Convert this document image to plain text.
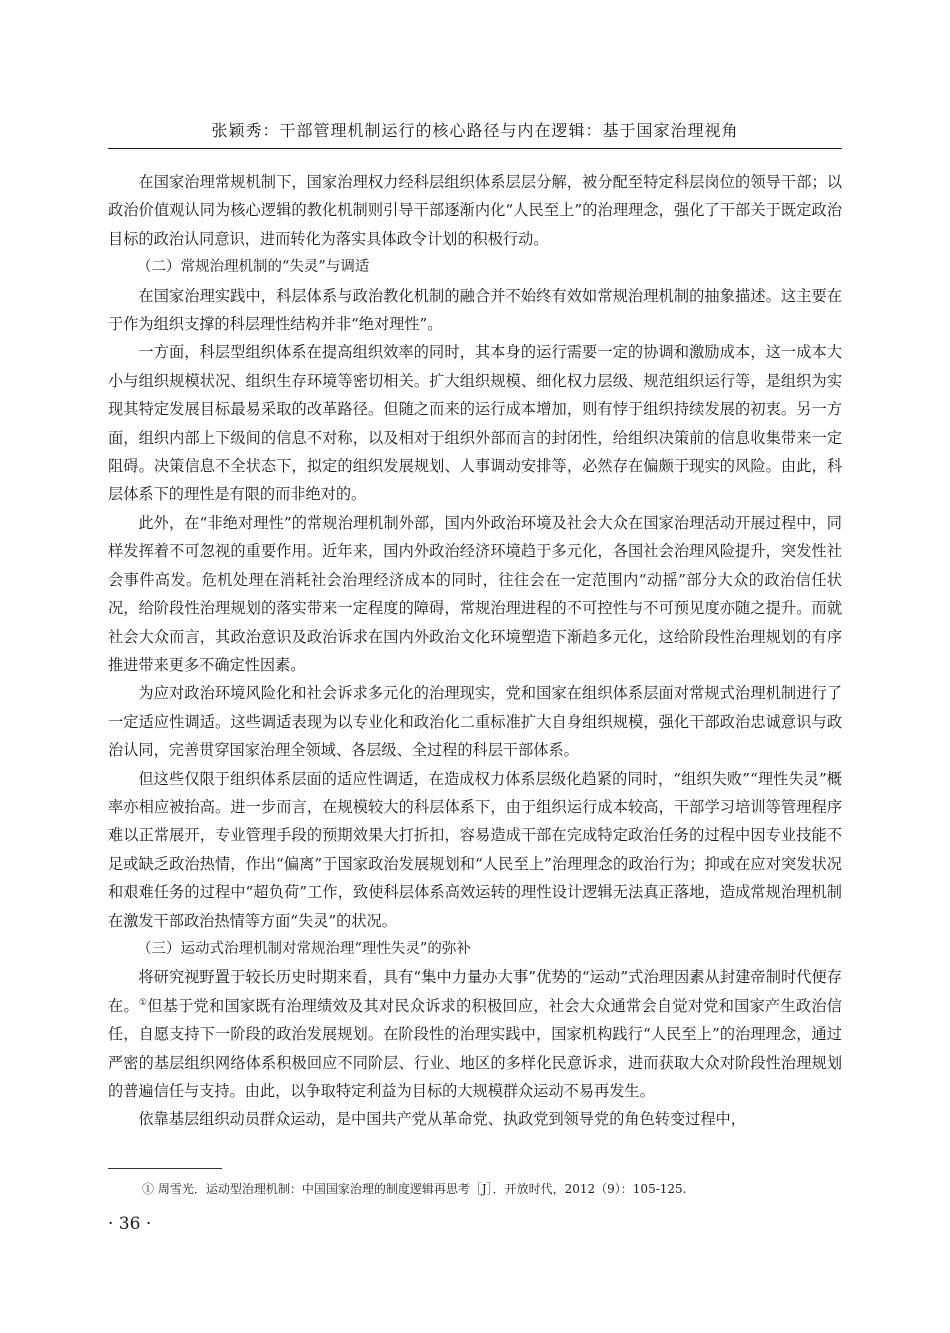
张颖秀：干部管理机制运行的核心路径与内在逻辑：基于国家治理视角

在国家治理常规机制下，国家治理权力经科层组织体系层层分解，被分配至特定科层岗位的领导干部；以政治价值观认同为核心逻辑的教化机制则引导干部逐渐内化“人民至上”的治理理念，强化了干部关于既定政治目标的政治认同意识，进而转化为落实具体政令计划的积极行动。

（二）常规治理机制的“失灵”与调适

在国家治理实践中，科层体系与政治教化机制的融合并不始终有效如常规治理机制的抽象描述。这主要在于作为组织支撑的科层理性结构并非“绝对理性”。

一方面，科层型组织体系在提高组织效率的同时，其本身的运行需要一定的协调和激励成本，这一成本大小与组织规模状况、组织生存环境等密切相关。扩大组织规模、细化权力层级、规范组织运行等，是组织为实现其特定发展目标最易采取的改革路径。但随之而来的运行成本增加，则有悖于组织持续发展的初衷。另一方面，组织内部上下级间的信息不对称，以及相对于组织外部而言的封闭性，给组织决策前的信息收集带来一定阻碍。决策信息不全状态下，拟定的组织发展规划、人事调动安排等，必然存在偏颇于现实的风险。由此，科层体系下的理性是有限的而非绝对的。

此外，在“非绝对理性”的常规治理机制外部，国内外政治环境及社会大众在国家治理活动开展过程中，同样发挥着不可忽视的重要作用。近年来，国内外政治经济环境趋于多元化，各国社会治理风险提升，突发性社会事件高发。危机处理在消耗社会治理经济成本的同时，往往会在一定范围内“动摇”部分大众的政治信任状况，给阶段性治理规划的落实带来一定程度的障碍，常规治理进程的不可控性与不可预见度亦随之提升。而就社会大众而言，其政治意识及政治诉求在国内外政治文化环境塑造下渐趋多元化，这给阶段性治理规划的有序推进带来更多不确定性因素。

为应对政治环境风险化和社会诉求多元化的治理现实，党和国家在组织体系层面对常规式治理机制进行了一定适应性调适。这些调适表现为以专业化和政治化二重标准扩大自身组织规模，强化干部政治忠诚意识与政治认同，完善贯穿国家治理全领域、各层级、全过程的科层干部体系。

但这些仅限于组织体系层面的适应性调适，在造成权力体系层级化趋紧的同时，“组织失败”“理性失灵”概率亦相应被抬高。进一步而言，在规模较大的科层体系下，由于组织运行成本较高，干部学习培训等管理程序难以正常展开，专业管理手段的预期效果大打折扣，容易造成干部在完成特定政治任务的过程中因专业技能不足或缺乏政治热情，作出“偏离”于国家政治发展规划和“人民至上”治理理念的政治行为；抑或在应对突发状况和艰难任务的过程中“超负荷”工作，致使科层体系高效运转的理性设计逻辑无法真正落地，造成常规治理机制在激发干部政治热情等方面“失灵”的状况。

（三）运动式治理机制对常规治理“理性失灵”的弥补

将研究视野置于较长历史时期来看，具有“集中力量办大事”优势的“运动”式治理因素从封建帝制时代便存在。①但基于党和国家既有治理绩效及其对民众诉求的积极回应，社会大众通常会自觉对党和国家产生政治信任，自愿支持下一阶段的政治发展规划。在阶段性的治理实践中，国家机构践行“人民至上”的治理理念，通过严密的基层组织网络体系积极回应不同阶层、行业、地区的多样化民意诉求，进而获取大众对阶段性治理规划的普遍信任与支持。由此，以争取特定利益为目标的大规模群众运动不易再发生。

依靠基层组织动员群众运动，是中国共产党从革命党、执政党到领导党的角色转变过程中，

① 周雪光．运动型治理机制：中国国家治理的制度逻辑再思考［J］．开放时代，2012（9）：105-125.
· 36 ·
